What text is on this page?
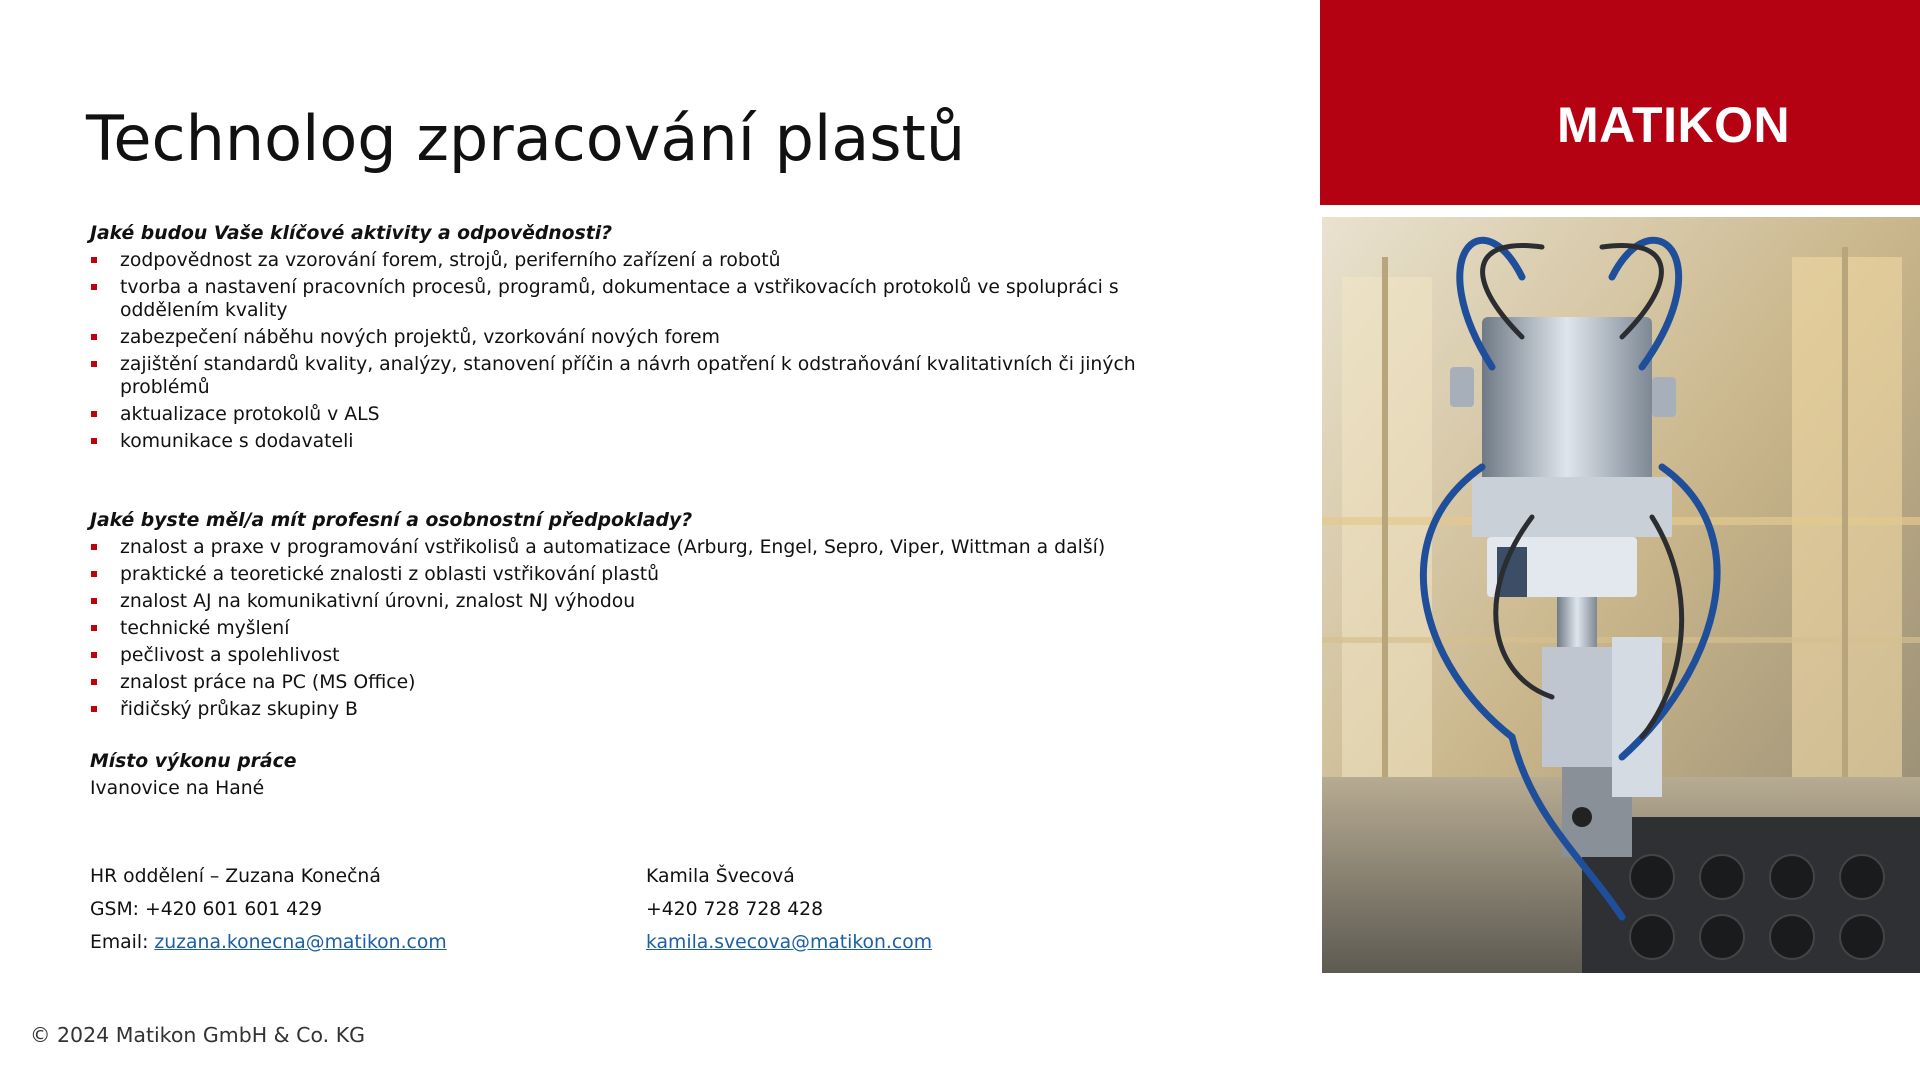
Technolog zpracování plastů

Jaké budou Vaše klíčové aktivity a odpovědnosti?

zodpovědnost za vzorování forem, strojů, periferního zařízení a robotů
tvorba a nastavení pracovních procesů, programů, dokumentace a vstřikovacích protokolů ve spolupráci s oddělením kvality
zabezpečení náběhu nových projektů, vzorkování nových forem
zajištění standardů kvality, analýzy, stanovení příčin a návrh opatření k odstraňování kvalitativních či jiných problémů
aktualizace protokolů v ALS
komunikace s dodavateli

Jaké byste měl/a mít profesní a osobnostní předpoklady?

znalost a praxe v programování vstřikolisů a automatizace (Arburg, Engel, Sepro, Viper, Wittman a další)
praktické a teoretické znalosti z oblasti vstřikování plastů
znalost AJ na komunikativní úrovni, znalost NJ výhodou
technické myšlení
pečlivost a spolehlivost
znalost práce na PC (MS Office)
řidičský průkaz skupiny B

Místo výkonu práce

Ivanovice na Hané

HR oddělení – Zuzana Konečná
GSM: +420 601 601 429
Email: zuzana.konecna@matikon.com
Kamila Švecová
+420 728 728 428
kamila.svecova@matikon.com
© 2024 Matikon GmbH & Co. KG
MATIKON
